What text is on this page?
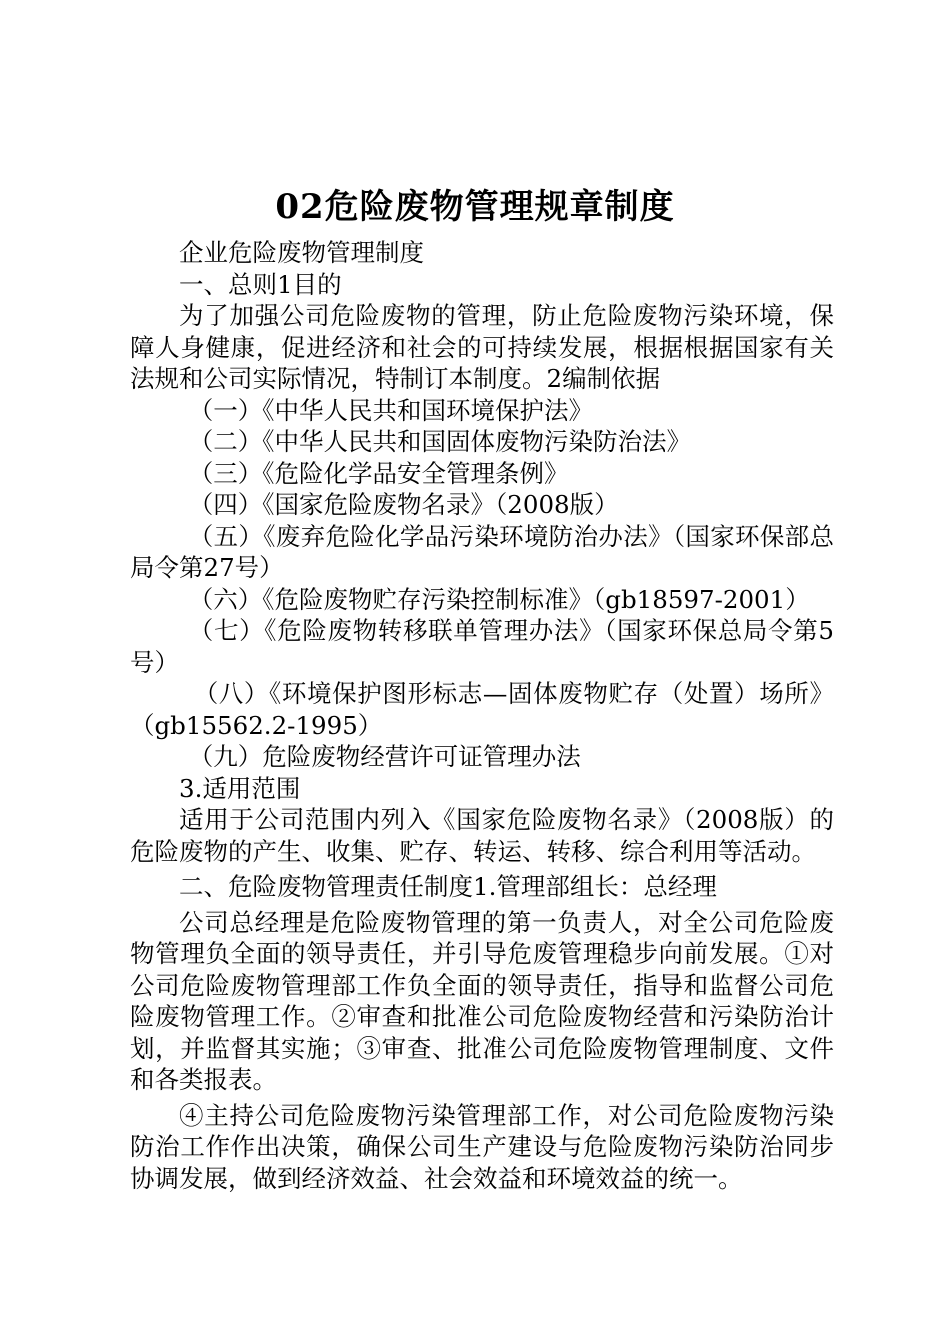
02危险废物管理规章制度

企业危险废物管理制度

一、总则1目的

为了加强公司危险废物的管理，防止危险废物污染环境，保障人身健康，促进经济和社会的可持续发展，根据根据国家有关法规和公司实际情况，特制订本制度。2编制依据

（一）《中华人民共和国环境保护法》

（二）《中华人民共和国固体废物污染防治法》

（三）《危险化学品安全管理条例》

（四）《国家危险废物名录》（2008版）

（五）《废弃危险化学品污染环境防治办法》（国家环保部总局令第27号）

（六）《危险废物贮存污染控制标准》（gb18597-2001）

（七）《危险废物转移联单管理办法》（国家环保总局令第5号）

（八）《环境保护图形标志—固体废物贮存（处置）场所》（gb15562.2-1995）

（九）危险废物经营许可证管理办法

3.适用范围

适用于公司范围内列入《国家危险废物名录》（2008版）的危险废物的产生、收集、贮存、转运、转移、综合利用等活动。

二、危险废物管理责任制度1.管理部组长：总经理

公司总经理是危险废物管理的第一负责人，对全公司危险废物管理负全面的领导责任，并引导危废管理稳步向前发展。①对公司危险废物管理部工作负全面的领导责任，指导和监督公司危险废物管理工作。②审查和批准公司危险废物经营和污染防治计划，并监督其实施；③审查、批准公司危险废物管理制度、文件和各类报表。

④主持公司危险废物污染管理部工作，对公司危险废物污染防治工作作出决策，确保公司生产建设与危险废物污染防治同步协调发展，做到经济效益、社会效益和环境效益的统一。
